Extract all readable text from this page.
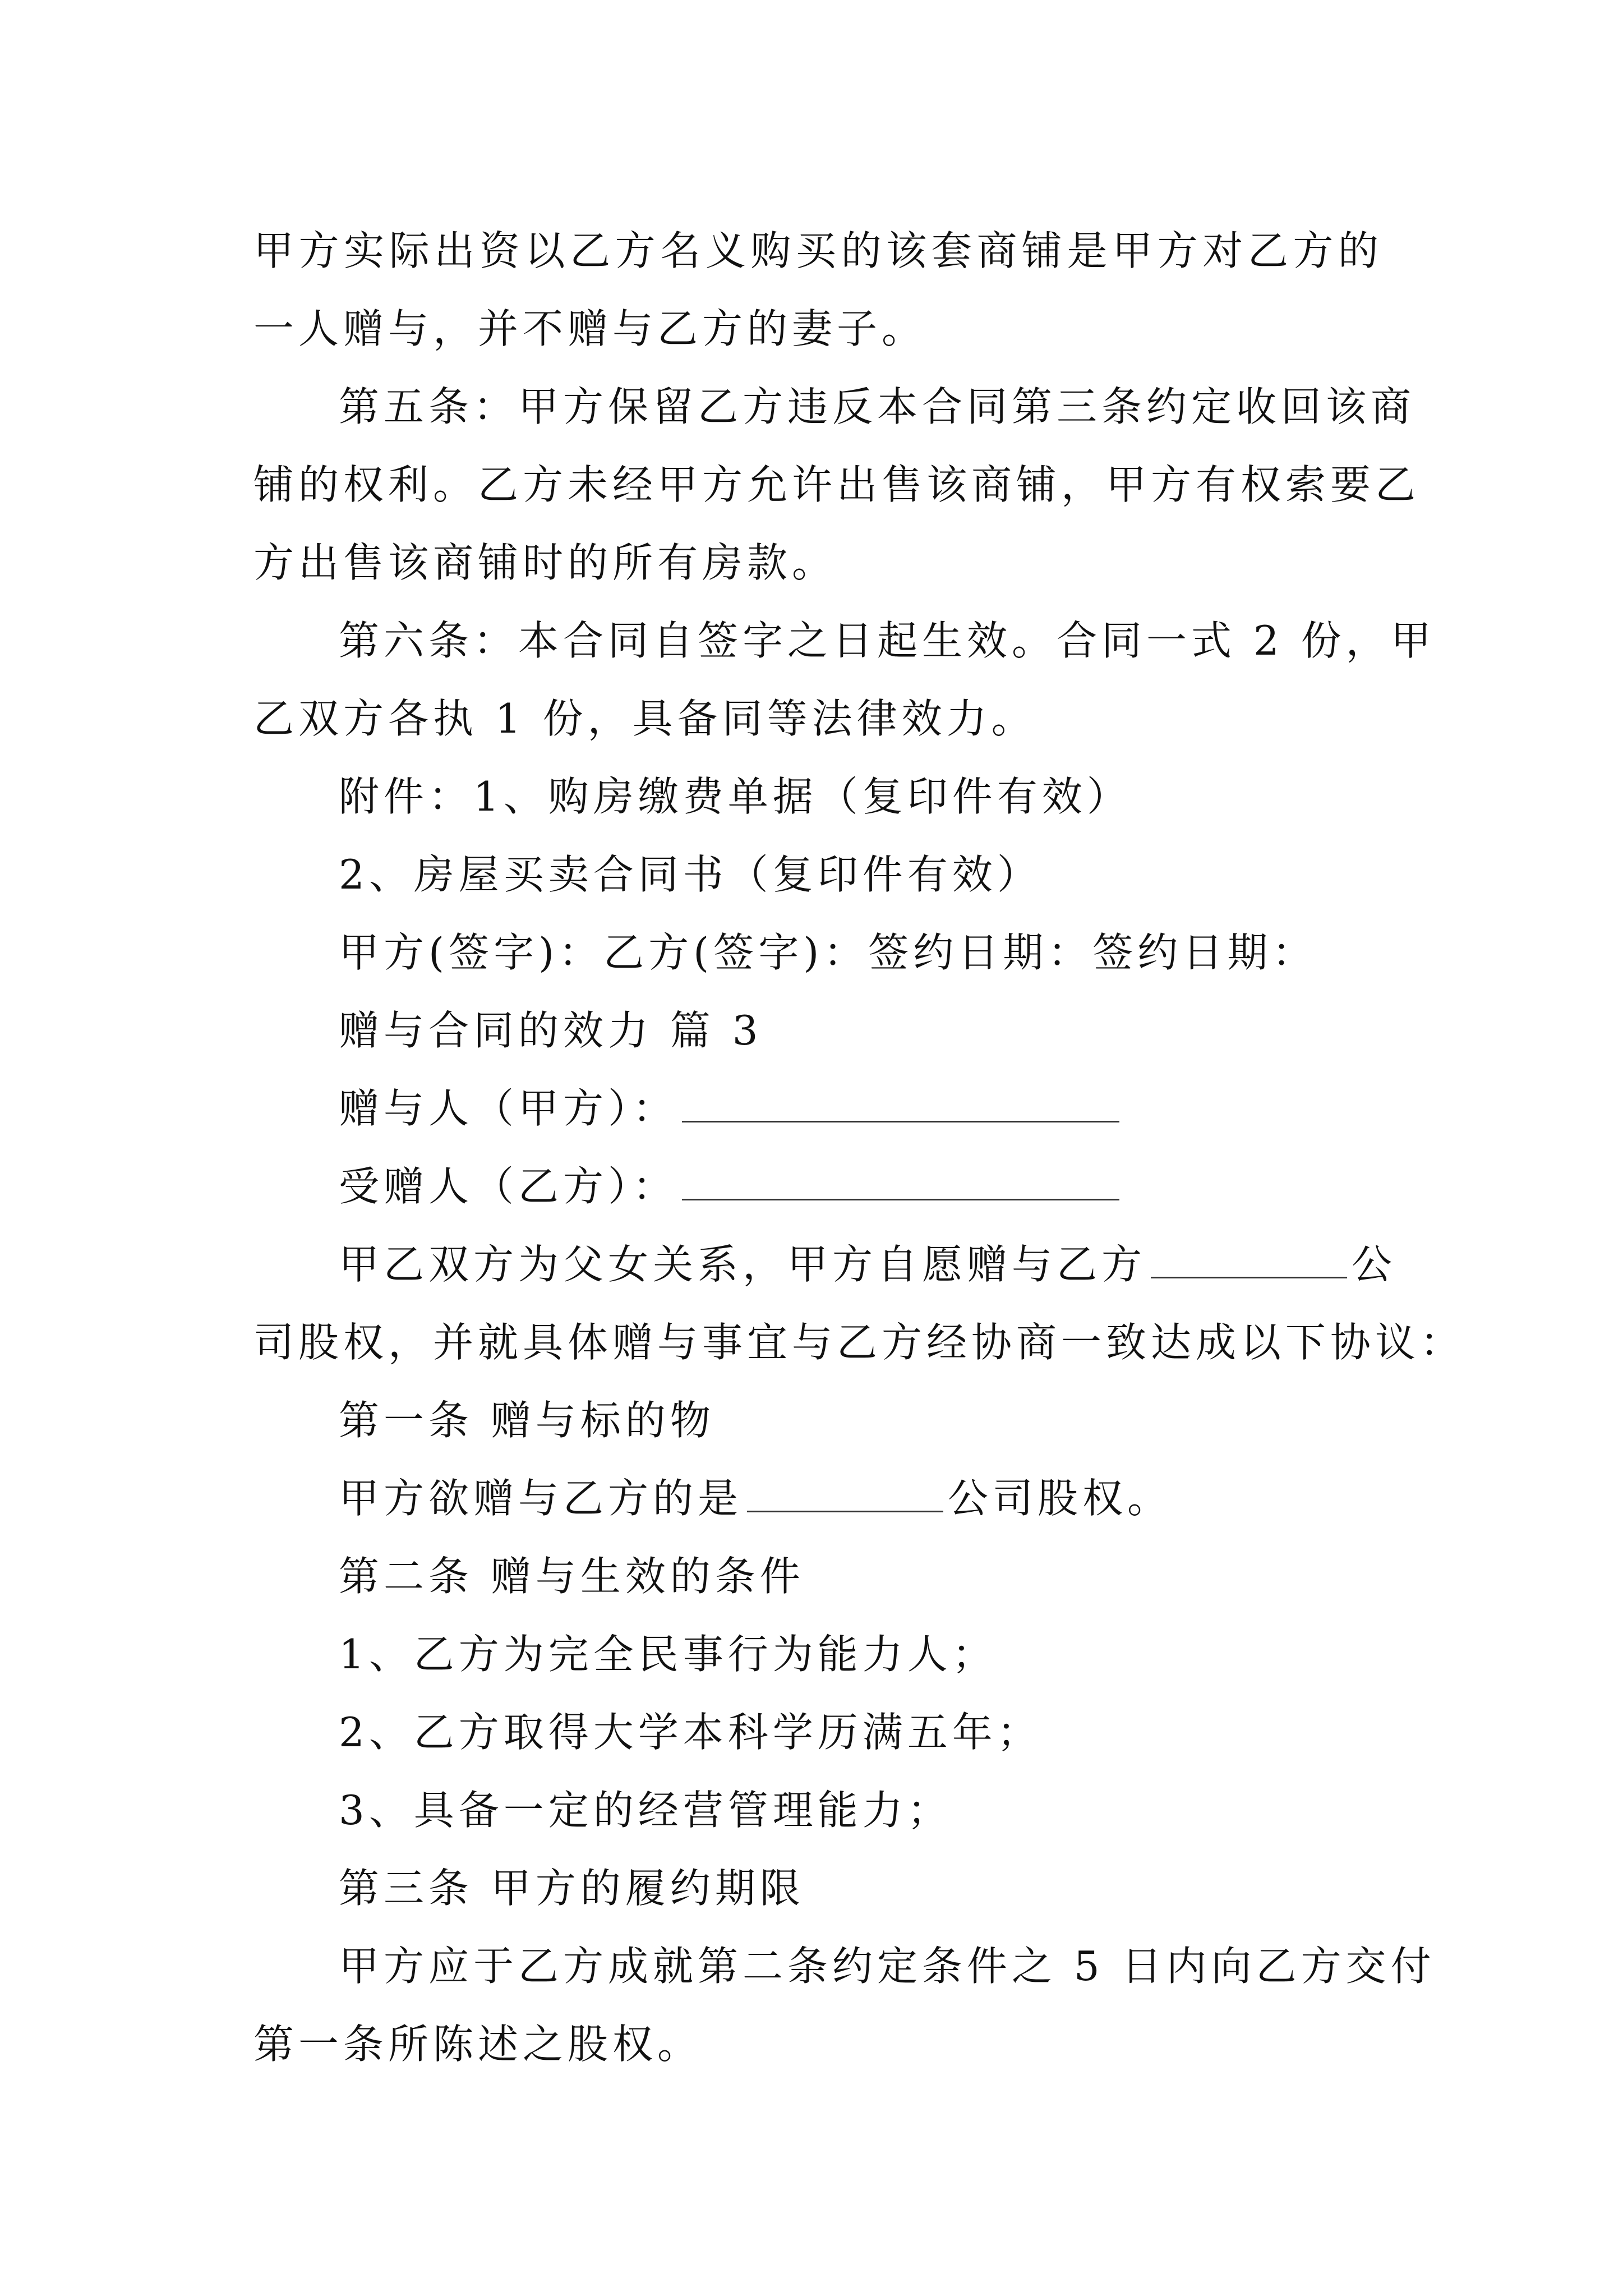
甲方实际出资以乙方名义购买的该套商铺是甲方对乙方的
一人赠与，并不赠与乙方的妻子。
第五条：甲方保留乙方违反本合同第三条约定收回该商
铺的权利。乙方未经甲方允许出售该商铺，甲方有权索要乙
方出售该商铺时的所有房款。
第六条：本合同自签字之日起生效。合同一式 2 份，甲
乙双方各执 1 份，具备同等法律效力。
附件：1、购房缴费单据（复印件有效）
2、房屋买卖合同书（复印件有效）
甲方(签字)：乙方(签字)：签约日期：签约日期：
赠与合同的效力 篇 3
赠与人（甲方）：
受赠人（乙方）：
甲乙双方为父女关系，甲方自愿赠与乙方	公
司股权，并就具体赠与事宜与乙方经协商一致达成以下协议：
第一条 赠与标的物
甲方欲赠与乙方的是	公司股权。
第二条 赠与生效的条件
1、乙方为完全民事行为能力人；
2、乙方取得大学本科学历满五年；
3、具备一定的经营管理能力；
第三条 甲方的履约期限
甲方应于乙方成就第二条约定条件之 5 日内向乙方交付
第一条所陈述之股权。
